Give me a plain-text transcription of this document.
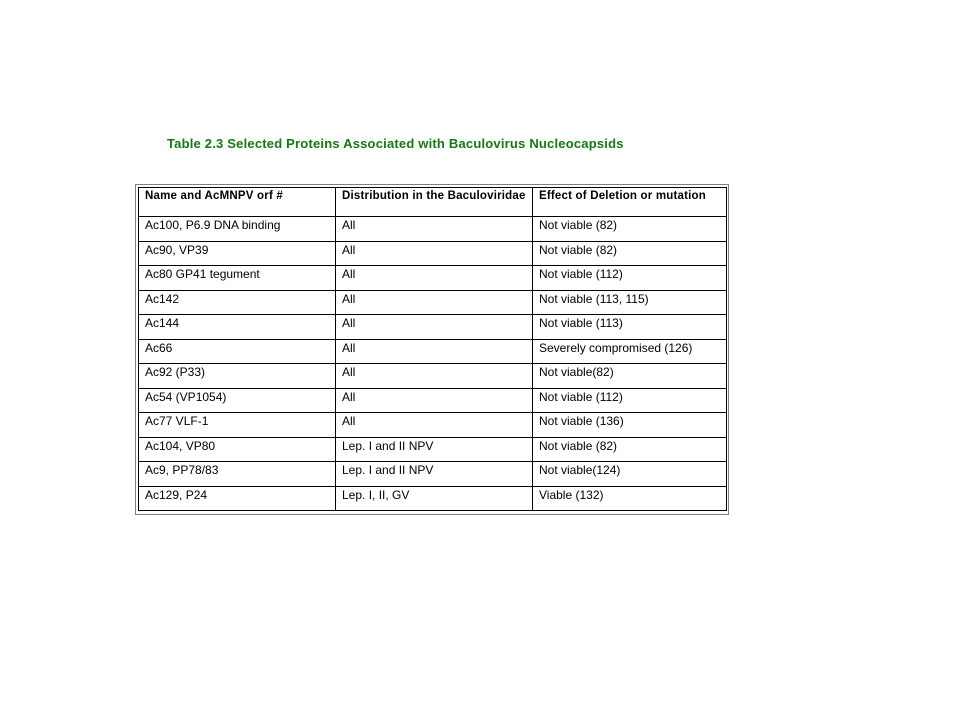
Table 2.3 Selected Proteins Associated with Baculovirus Nucleocapsids
Name and AcMNPV orf #	Distribution in the Baculoviridae	Effect of Deletion or mutation
Ac100, P6.9 DNA binding	All	Not viable (82)
Ac90, VP39	All	Not viable (82)
Ac80 GP41 tegument	All	Not viable (112)
Ac142	All	Not viable (113, 115)
Ac144	All	Not viable (113)
Ac66	All	Severely compromised (126)
Ac92 (P33)	All	Not viable(82)
Ac54 (VP1054)	All	Not viable (112)
Ac77 VLF-1	All	Not viable (136)
Ac104, VP80	Lep. I and II NPV	Not viable (82)
Ac9, PP78/83	Lep. I and II NPV	Not viable(124)
Ac129, P24	Lep. I, II, GV	Viable (132)
